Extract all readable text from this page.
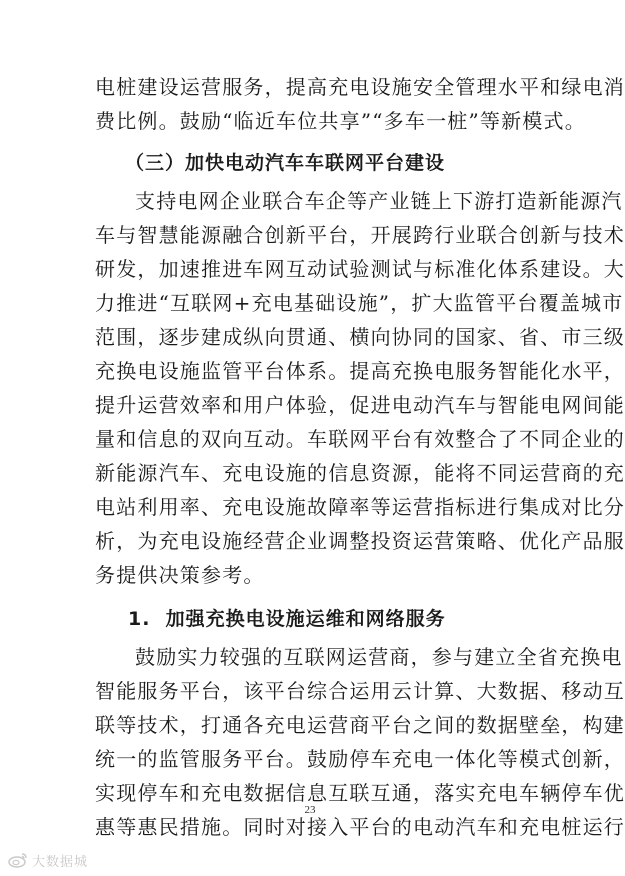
电桩建设运营服务，提高充电设施安全管理水平和绿电消
费比例。鼓励“临近车位共享”“多车一桩”等新模式。
（三）加快电动汽车车联网平台建设
支持电网企业联合车企等产业链上下游打造新能源汽
车与智慧能源融合创新平台，开展跨行业联合创新与技术
研发，加速推进车网互动试验测试与标准化体系建设。大
力推进“互联网+充电基础设施”，扩大监管平台覆盖城市
范围，逐步建成纵向贯通、横向协同的国家、省、市三级
充换电设施监管平台体系。提高充换电服务智能化水平，
提升运营效率和用户体验，促进电动汽车与智能电网间能
量和信息的双向互动。车联网平台有效整合了不同企业的
新能源汽车、充电设施的信息资源，能将不同运营商的充
电站利用率、充电设施故障率等运营指标进行集成对比分
析，为充电设施经营企业调整投资运营策略、优化产品服
务提供决策参考。
1.  加强充换电设施运维和网络服务
鼓励实力较强的互联网运营商，参与建立全省充换电
智能服务平台，该平台综合运用云计算、大数据、移动互
联等技术，打通各充电运营商平台之间的数据壁垒，构建
统一的监管服务平台。鼓励停车充电一体化等模式创新，
实现停车和充电数据信息互联互通，落实充电车辆停车优
惠等惠民措施。同时对接入平台的电动汽车和充电桩运行
23
大数据城
